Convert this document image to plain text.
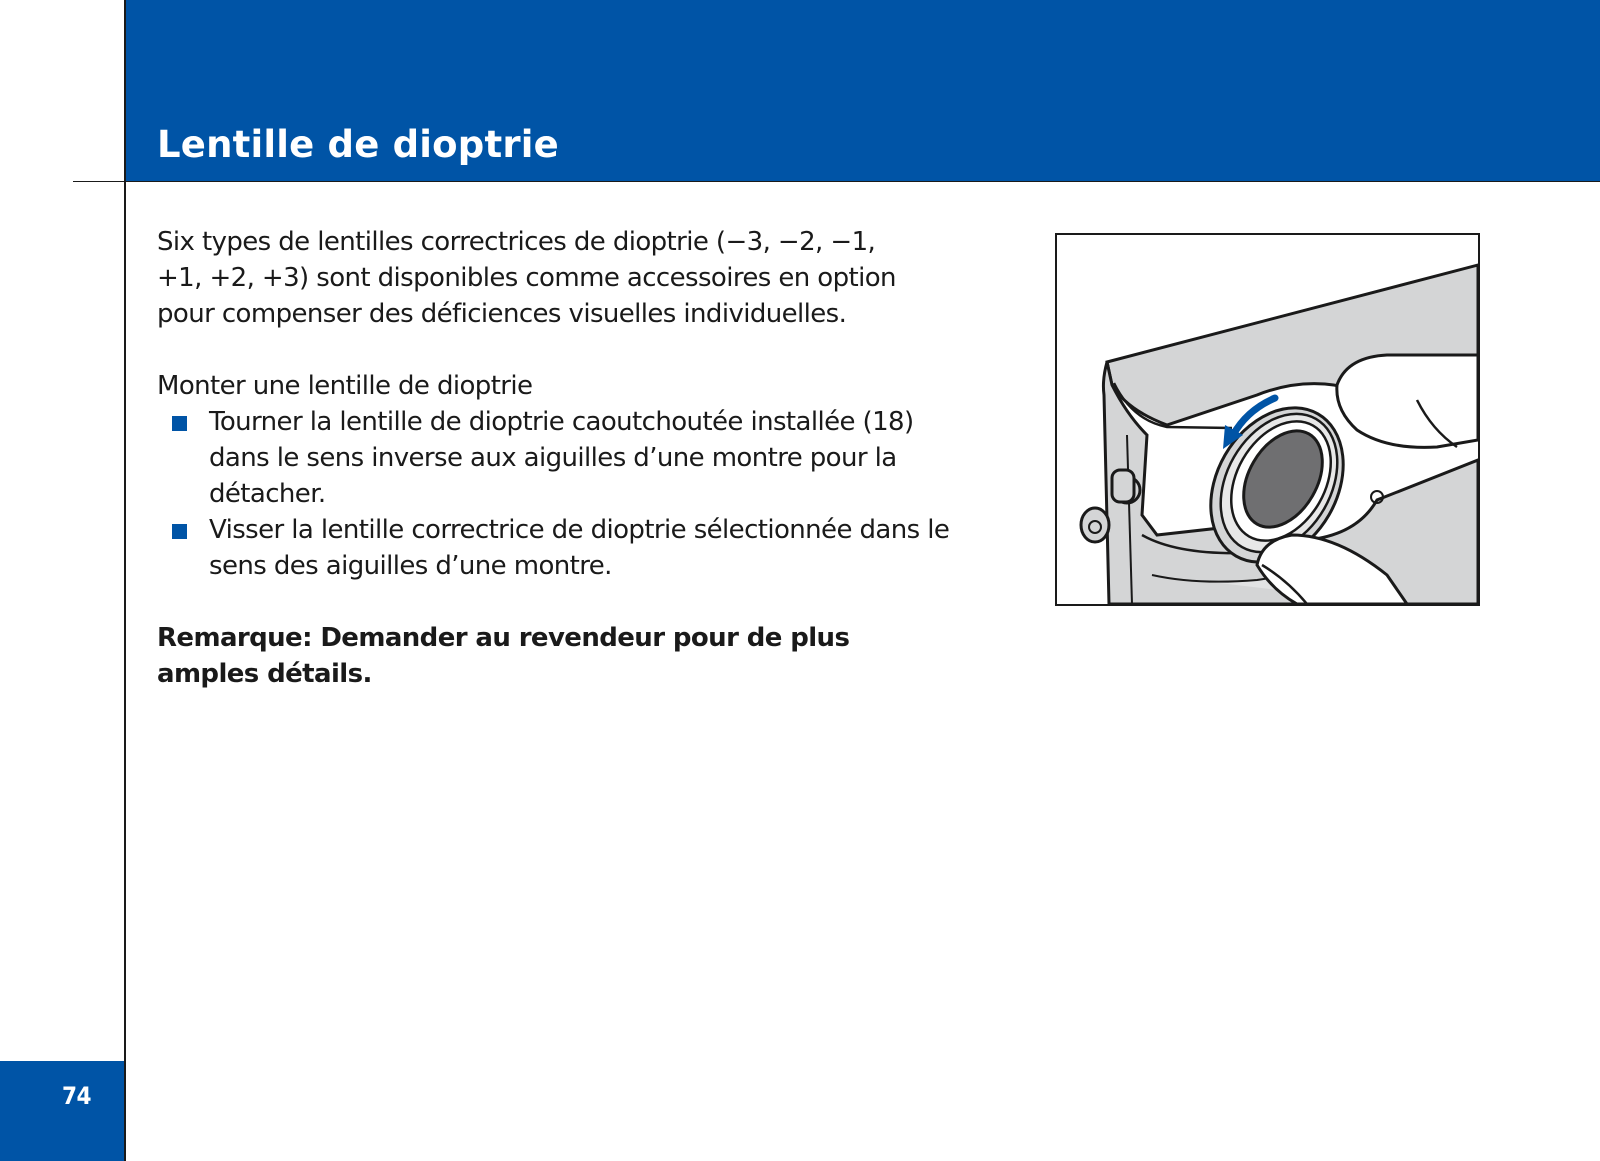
Lentille de dioptrie

Six types de lentilles correctrices de dioptrie (−3, −2, −1, +1, +2, +3) sont disponibles comme accessoires en option pour compenser des déficiences visuelles individuelles.

Monter une lentille de dioptrie

Tourner la lentille de dioptrie caoutchoutée installée (18) dans le sens inverse aux aiguilles d’une montre pour la détacher.
Visser la lentille correctrice de dioptrie sélectionnée dans le sens des aiguilles d’une montre.

Remarque: Demander au revendeur pour de plus amples détails.

74
